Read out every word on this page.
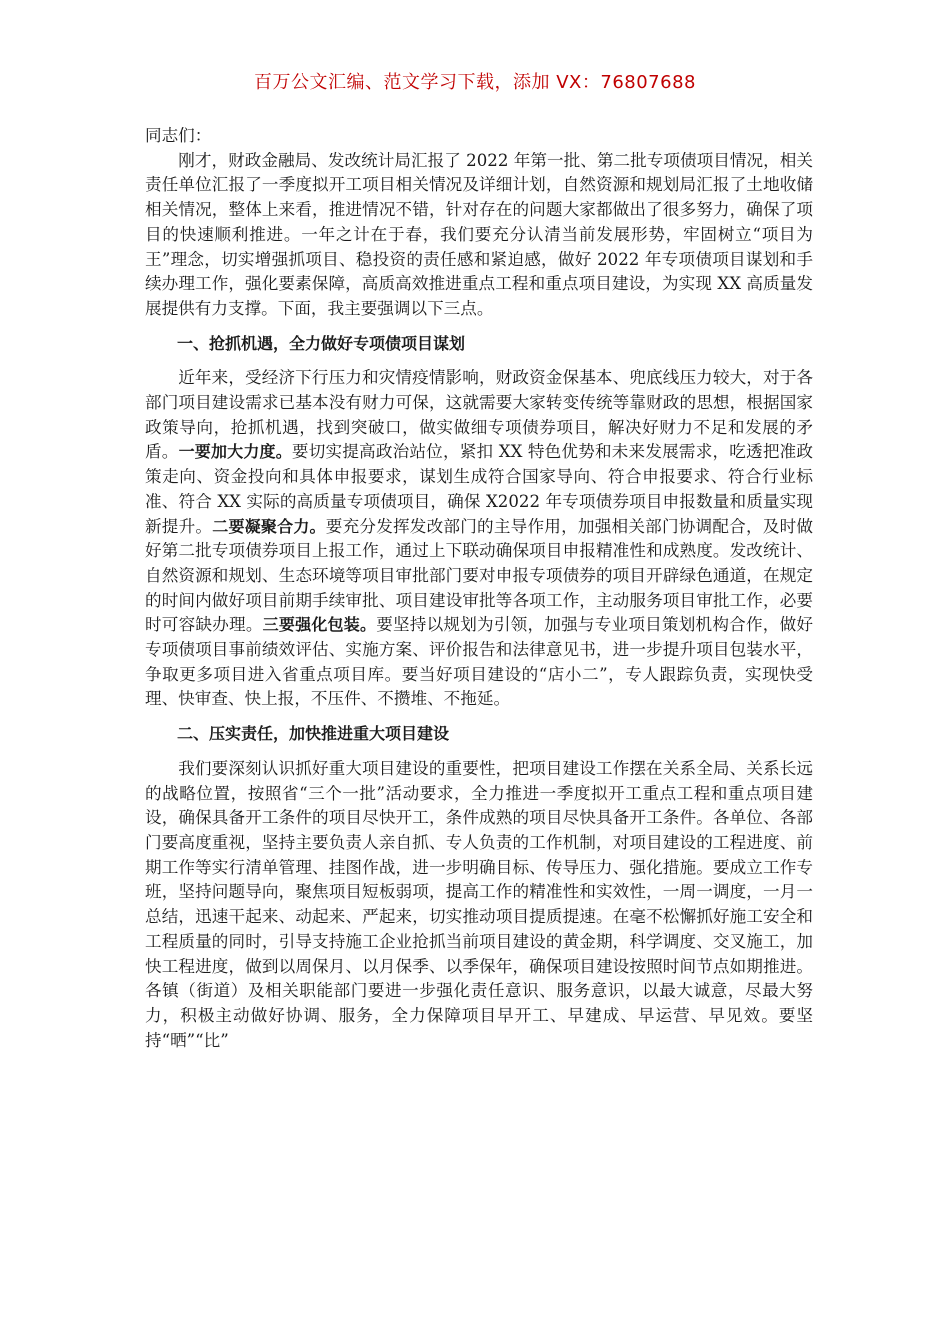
百万公文汇编、范文学习下载，添加 VX：76807688

同志们：

刚才，财政金融局、发改统计局汇报了 2022 年第一批、第二批专项债项目情况，相关责任单位汇报了一季度拟开工项目相关情况及详细计划，自然资源和规划局汇报了土地收储相关情况，整体上来看，推进情况不错，针对存在的问题大家都做出了很多努力，确保了项目的快速顺利推进。一年之计在于春，我们要充分认清当前发展形势，牢固树立“项目为王”理念，切实增强抓项目、稳投资的责任感和紧迫感，做好 2022 年专项债项目谋划和手续办理工作，强化要素保障，高质高效推进重点工程和重点项目建设，为实现 XX 高质量发展提供有力支撑。下面，我主要强调以下三点。

一、抢抓机遇，全力做好专项债项目谋划

近年来，受经济下行压力和灾情疫情影响，财政资金保基本、兜底线压力较大，对于各部门项目建设需求已基本没有财力可保，这就需要大家转变传统等靠财政的思想，根据国家政策导向，抢抓机遇，找到突破口，做实做细专项债券项目，解决好财力不足和发展的矛盾。一要加大力度。要切实提高政治站位，紧扣 XX 特色优势和未来发展需求，吃透把准政策走向、资金投向和具体申报要求，谋划生成符合国家导向、符合申报要求、符合行业标准、符合 XX 实际的高质量专项债项目，确保 X2022 年专项债券项目申报数量和质量实现新提升。二要凝聚合力。要充分发挥发改部门的主导作用，加强相关部门协调配合，及时做好第二批专项债券项目上报工作，通过上下联动确保项目申报精准性和成熟度。发改统计、自然资源和规划、生态环境等项目审批部门要对申报专项债券的项目开辟绿色通道，在规定的时间内做好项目前期手续审批、项目建设审批等各项工作，主动服务项目审批工作，必要时可容缺办理。三要强化包装。要坚持以规划为引领，加强与专业项目策划机构合作，做好专项债项目事前绩效评估、实施方案、评价报告和法律意见书，进一步提升项目包装水平，争取更多项目进入省重点项目库。要当好项目建设的“店小二”，专人跟踪负责，实现快受理、快审查、快上报，不压件、不攒堆、不拖延。

二、压实责任，加快推进重大项目建设

我们要深刻认识抓好重大项目建设的重要性，把项目建设工作摆在关系全局、关系长远的战略位置，按照省“三个一批”活动要求，全力推进一季度拟开工重点工程和重点项目建设，确保具备开工条件的项目尽快开工，条件成熟的项目尽快具备开工条件。各单位、各部门要高度重视，坚持主要负责人亲自抓、专人负责的工作机制，对项目建设的工程进度、前期工作等实行清单管理、挂图作战，进一步明确目标、传导压力、强化措施。要成立工作专班，坚持问题导向，聚焦项目短板弱项，提高工作的精准性和实效性，一周一调度，一月一总结，迅速干起来、动起来、严起来，切实推动项目提质提速。在毫不松懈抓好施工安全和工程质量的同时，引导支持施工企业抢抓当前项目建设的黄金期，科学调度、交叉施工，加快工程进度，做到以周保月、以月保季、以季保年，确保项目建设按照时间节点如期推进。各镇（街道）及相关职能部门要进一步强化责任意识、服务意识，以最大诚意，尽最大努力，积极主动做好协调、服务，全力保障项目早开工、早建成、早运营、早见效。要坚持“晒”“比”
